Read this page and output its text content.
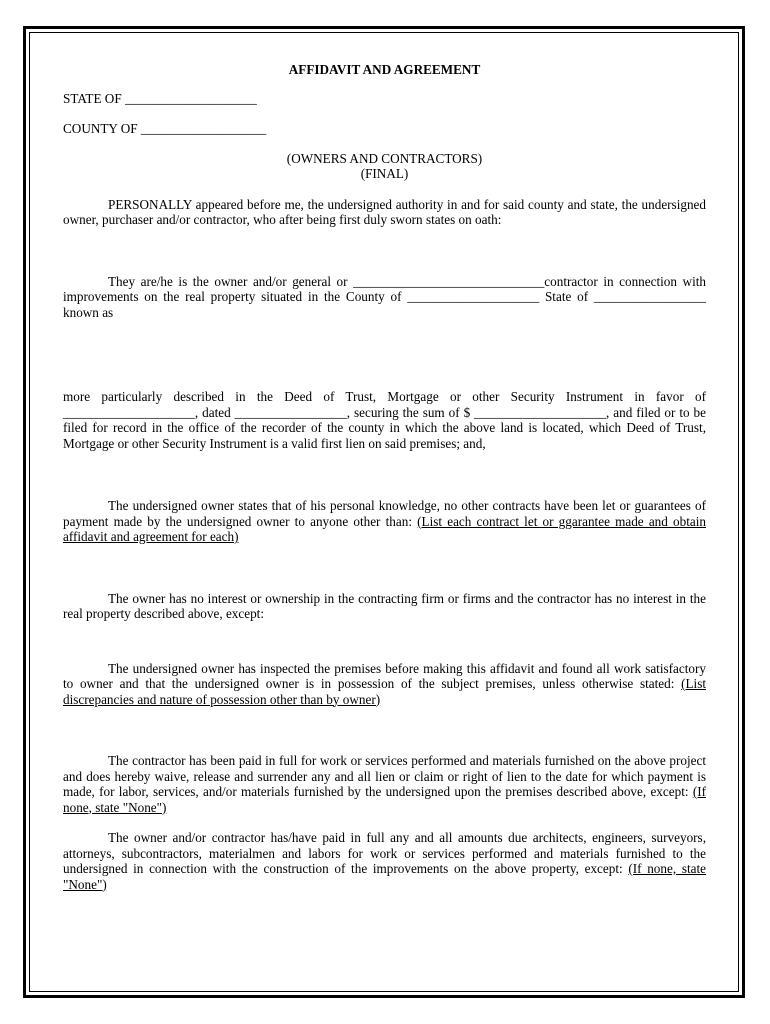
AFFIDAVIT AND AGREEMENT
STATE OF ____________________
COUNTY OF ___________________
(OWNERS AND CONTRACTORS)
(FINAL)

PERSONALLY appeared before me, the undersigned authority in and for said county and state, the undersigned owner, purchaser and/or contractor, who after being first duly sworn states on oath:

They are/he is the owner and/or general or _____________________________contractor in connection with improvements on the real property situated in the County of ____________________ State of _________________ known as

more particularly described in the Deed of Trust, Mortgage or other Security Instrument in favor of ____________________, dated _________________, securing the sum of $ ____________________, and filed or to be filed for record in the office of the recorder of the county in which the above land is located, which Deed of Trust, Mortgage or other Security Instrument is a valid first lien on said premises; and,

The undersigned owner states that of his personal knowledge, no other contracts have been let or guarantees of payment made by the undersigned owner to anyone other than: (List each contract let or ggarantee made and obtain affidavit and agreement for each)

The owner has no interest or ownership in the contracting firm or firms and the contractor has no interest in the real property described above, except:

The undersigned owner has inspected the premises before making this affidavit and found all work satisfactory to owner and that the undersigned owner is in possession of the subject premises, unless otherwise stated: (List discrepancies and nature of possession other than by owner)

The contractor has been paid in full for work or services performed and materials furnished on the above project and does hereby waive, release and surrender any and all lien or claim or right of lien to the date for which payment is made, for labor, services, and/or materials furnished by the undersigned upon the premises described above, except: (If none, state "None")

The owner and/or contractor has/have paid in full any and all amounts due architects, engineers, surveyors, attorneys, subcontractors, materialmen and labors for work or services performed and materials furnished to the undersigned in connection with the construction of the improvements on the above property, except: (If none, state "None")
